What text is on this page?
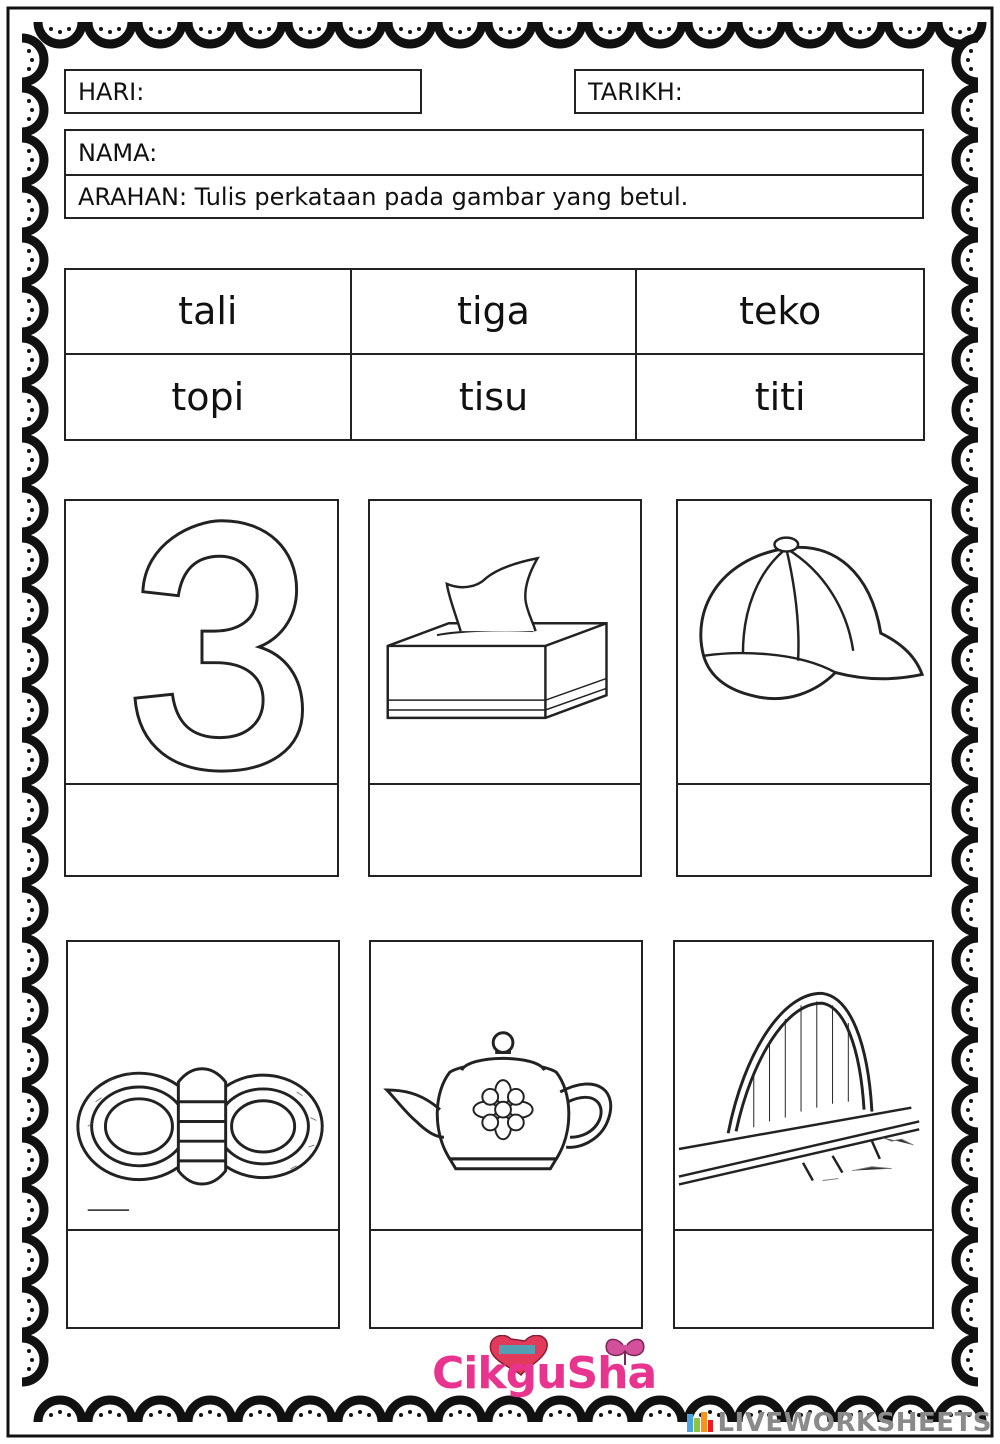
HARI:	TARIKH:
NAMA:
ARAHAN: Tulis perkataan pada gambar yang betul.
tali	tiga	teko
topi	tisu	titi
CikguSha
LIVEWORKSHEETS
